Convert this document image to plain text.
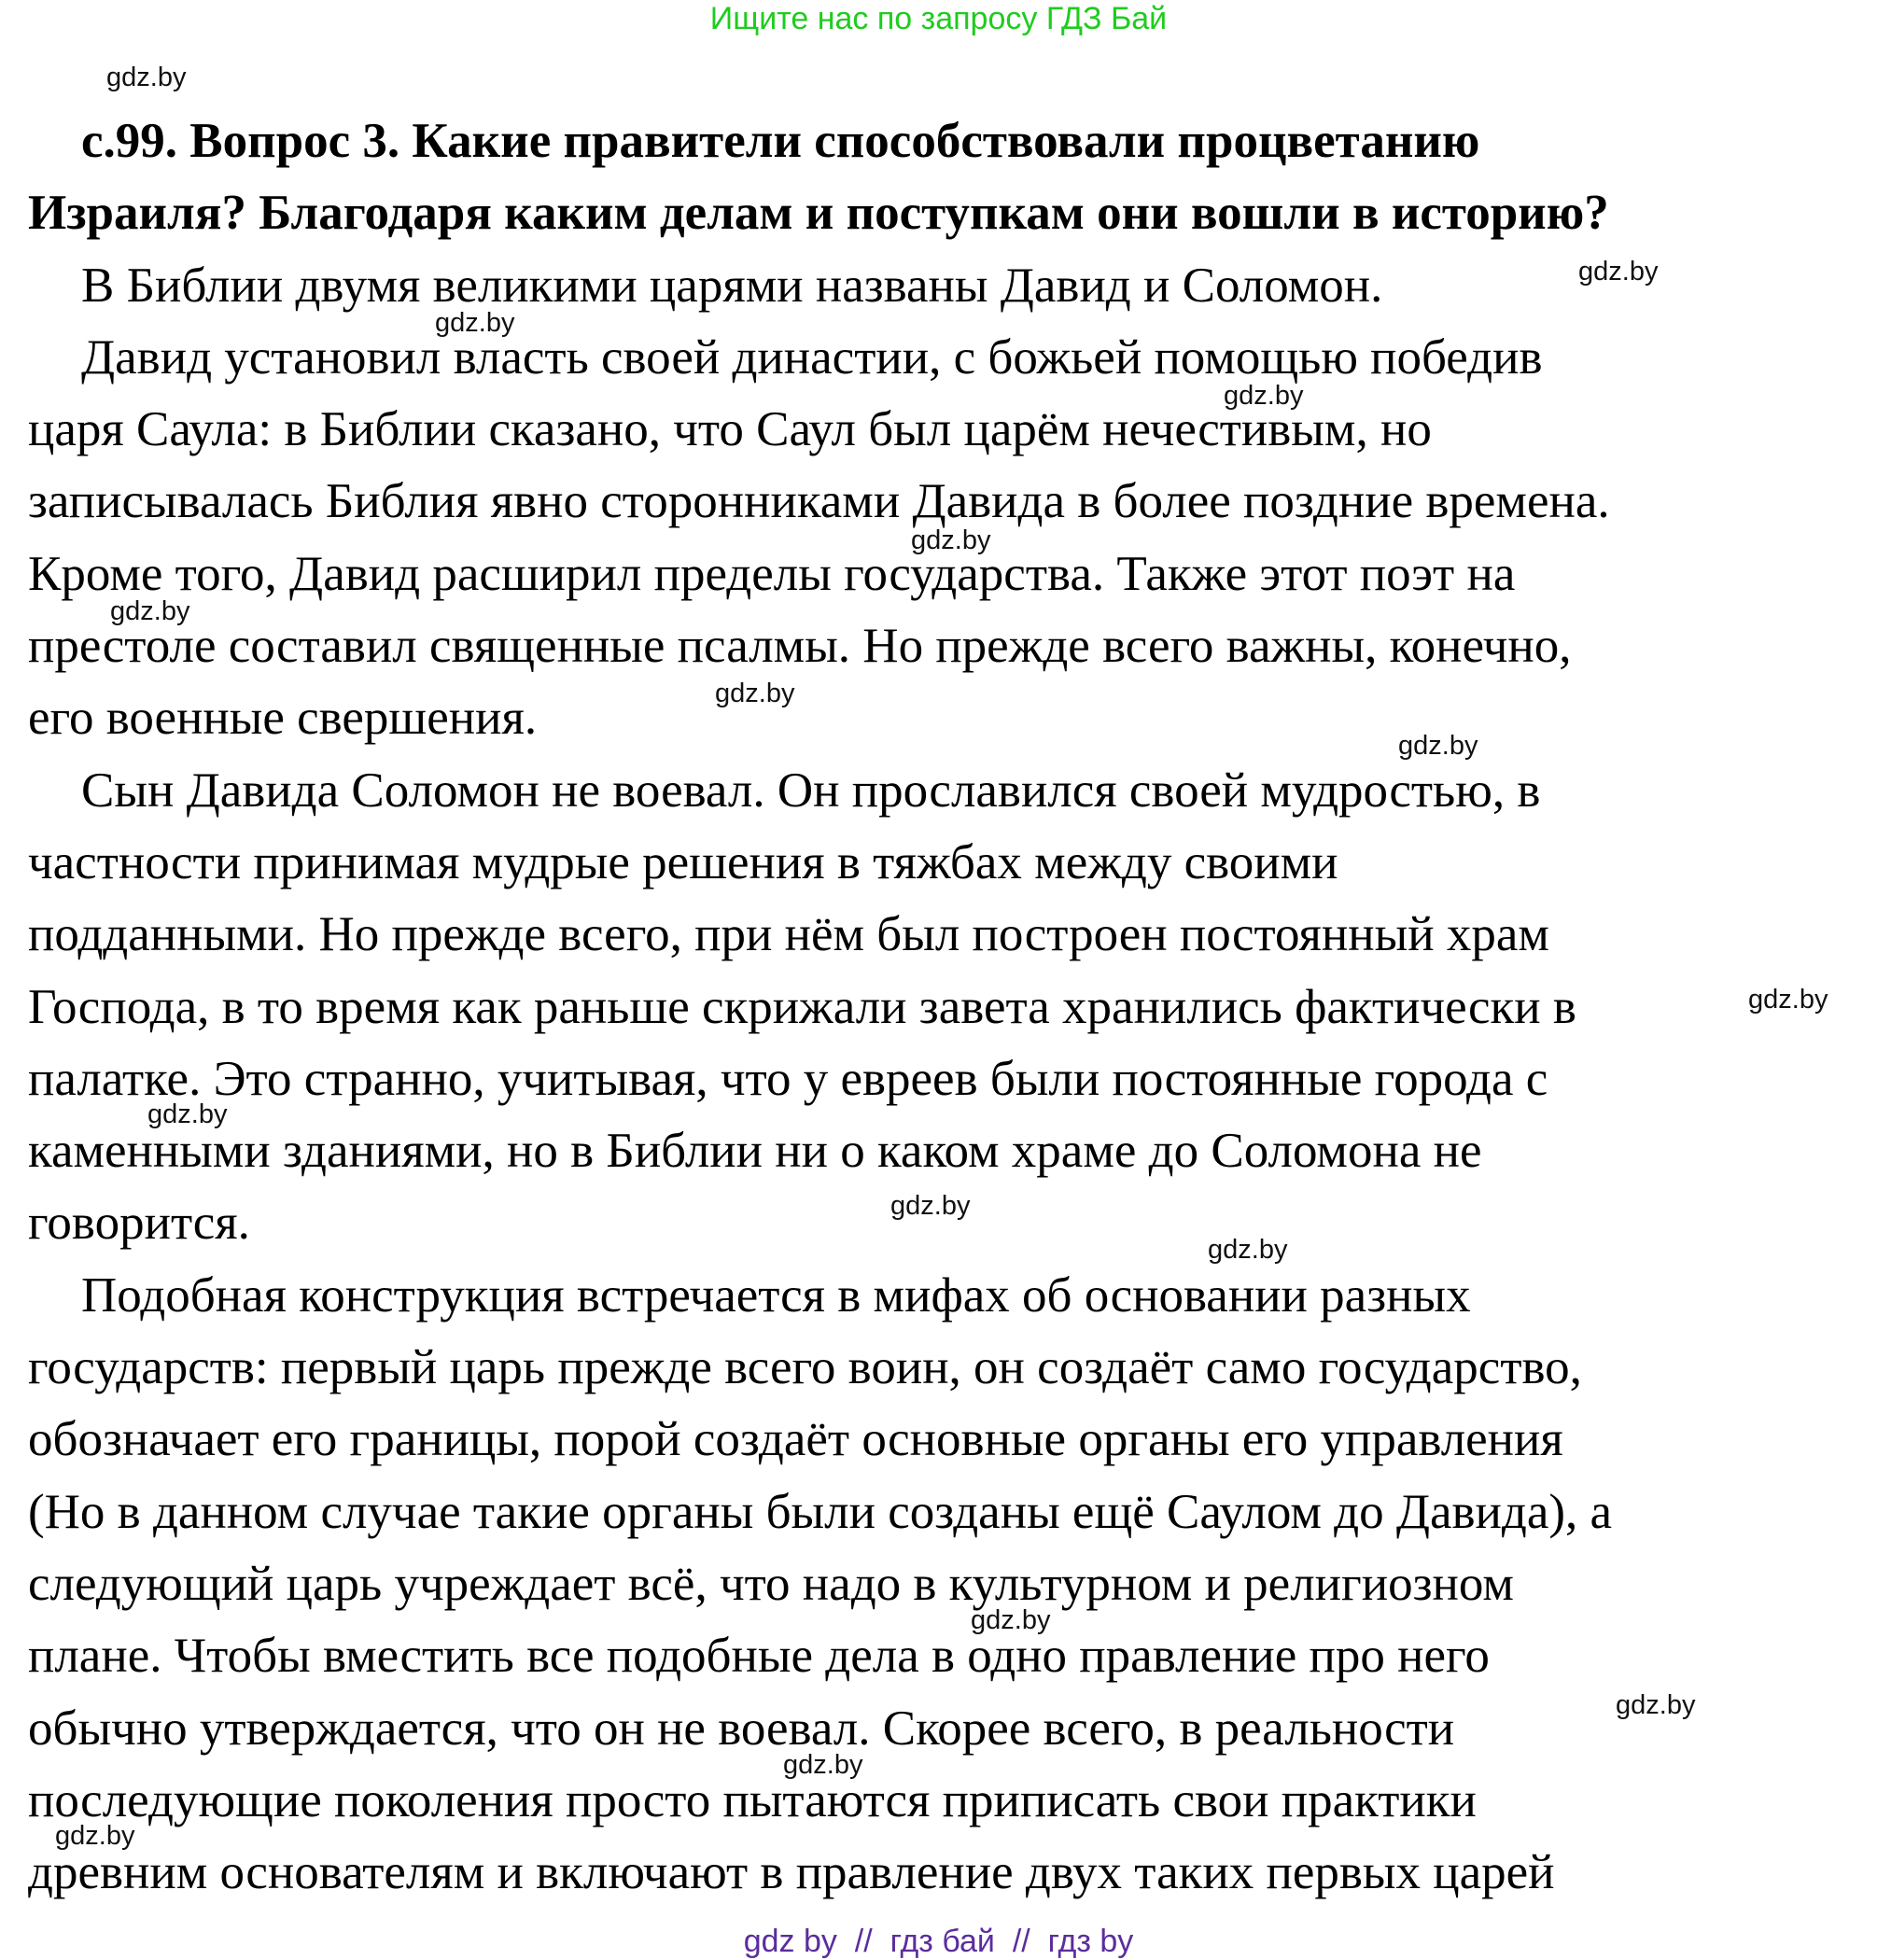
Ищите нас по запросу ГДЗ Бай
с.99. Вопрос 3. Какие правители способствовали процветанию
Израиля? Благодаря каким делам и поступкам они вошли в историю?
В Библии двумя великими царями названы Давид и Соломон.
Давид установил власть своей династии, с божьей помощью победив
царя Саула: в Библии сказано, что Саул был царём нечестивым, но
записывалась Библия явно сторонниками Давида в более поздние времена.
Кроме того, Давид расширил пределы государства. Также этот поэт на
престоле составил священные псалмы. Но прежде всего важны, конечно,
его военные свершения.
Сын Давида Соломон не воевал. Он прославился своей мудростью, в
частности принимая мудрые решения в тяжбах между своими
подданными. Но прежде всего, при нём был построен постоянный храм
Господа, в то время как раньше скрижали завета хранились фактически в
палатке. Это странно, учитывая, что у евреев были постоянные города с
каменными зданиями, но в Библии ни о каком храме до Соломона не
говорится.
Подобная конструкция встречается в мифах об основании разных
государств: первый царь прежде всего воин, он создаёт само государство,
обозначает его границы, порой создаёт основные органы его управления
(Но в данном случае такие органы были созданы ещё Саулом до Давида), а
следующий царь учреждает всё, что надо в культурном и религиозном
плане. Чтобы вместить все подобные дела в одно правление про него
обычно утверждается, что он не воевал. Скорее всего, в реальности
последующие поколения просто пытаются приписать свои практики
древним основателям и включают в правление двух таких первых царей
gdz.by
gdz.by
gdz.by
gdz.by
gdz.by
gdz.by
gdz.by
gdz.by
gdz.by
gdz.by
gdz.by
gdz.by
gdz.by
gdz.by
gdz.by
gdz.by
gdz by  //  гдз бай  //  гдз by
